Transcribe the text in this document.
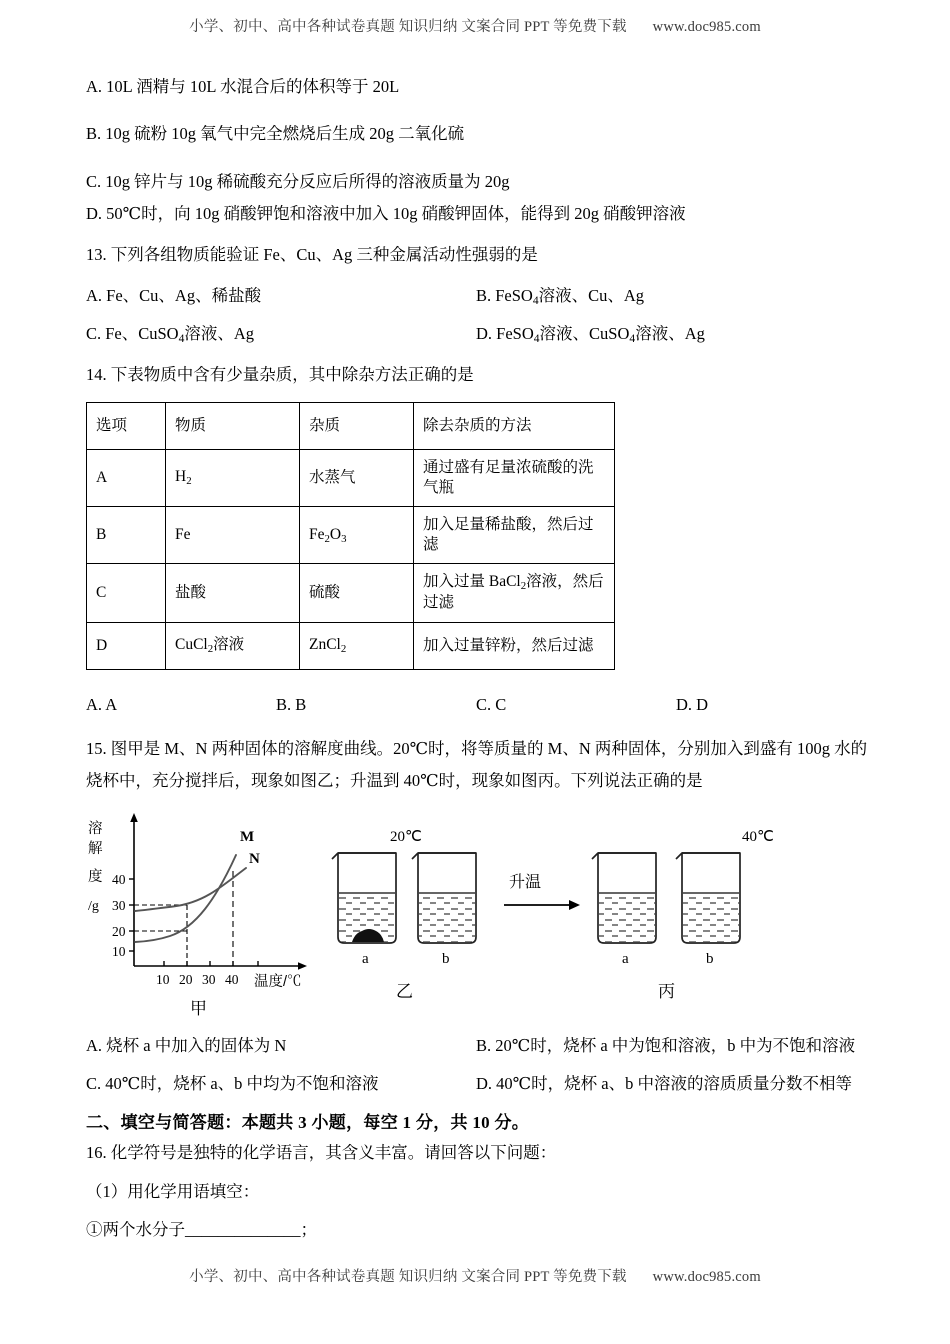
小学、初中、高中各种试卷真题 知识归纳 文案合同 PPT 等免费下载 www.doc985.com
A. 10L 酒精与 10L 水混合后的体积等于 20L
B. 10g 硫粉 10g 氧气中完全燃烧后生成 20g 二氧化硫
C. 10g 锌片与 10g 稀硫酸充分反应后所得的溶液质量为 20g
D. 50℃时，向 10g 硝酸钾饱和溶液中加入 10g 硝酸钾固体，能得到 20g 硝酸钾溶液
13. 下列各组物质能验证 Fe、Cu、Ag 三种金属活动性强弱的是
A. Fe、Cu、Ag、稀盐酸	B. FeSO$_4$溶液、Cu、Ag
C. Fe、CuSO$_4$溶液、Ag	D. FeSO$_4$溶液、CuSO$_4$溶液、Ag
14. 下表物质中含有少量杂质，其中除杂方法正确的是
选项	物质	杂质	除去杂质的方法
A	$H_2$	水蒸气	通过盛有足量浓硫酸的洗气瓶
B	Fe	$Fe_2O_3$	加入足量稀盐酸，然后过滤
C	盐酸	硫酸	加入过量 BaCl$_2$溶液，然后过滤
D	CuCl$_2$溶液	ZnCl$_2$	加入过量锌粉，然后过滤
A. A	B. B	C. C	D. D
15. 图甲是 M、N 两种固体的溶解度曲线。20℃时，将等质量的 M、N 两种固体，分别加入到盛有 100g 水的烧杯中，充分搅拌后，现象如图乙；升温到 40℃时，现象如图丙。下列说法正确的是
M
N
40
30
20
10
溶
解
度
/g
10 20 30 40 温度/℃
甲
20℃	40℃
a	b
乙
升温
a	b
丙
A. 烧杯 a 中加入的固体为 N	B. 20℃时，烧杯 a 中为饱和溶液，b 中为不饱和溶液
C. 40℃时，烧杯 a、b 中均为不饱和溶液	D. 40℃时，烧杯 a、b 中溶液的溶质质量分数不相等
二、填空与简答题：本题共 3 小题，每空 1 分，共 10 分。
16. 化学符号是独特的化学语言，其含义丰富。请回答以下问题：
（1）用化学用语填空：
①两个水分子______________；
小学、初中、高中各种试卷真题 知识归纳 文案合同 PPT 等免费下载 www.doc985.com
